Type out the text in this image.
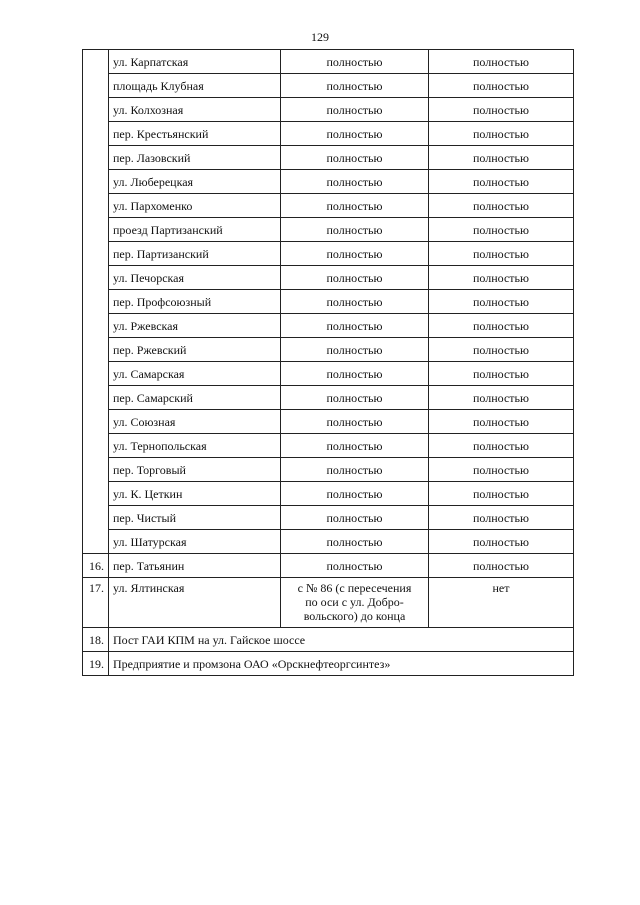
129
	ул. Карпатская	полностью	полностью
	площадь Клубная	полностью	полностью
	ул. Колхозная	полностью	полностью
	пер. Крестьянский	полностью	полностью
	пер. Лазовский	полностью	полностью
	ул. Люберецкая	полностью	полностью
	ул. Пархоменко	полностью	полностью
	проезд Партизанский	полностью	полностью
	пер. Партизанский	полностью	полностью
	ул. Печорская	полностью	полностью
	пер. Профсоюзный	полностью	полностью
	ул. Ржевская	полностью	полностью
	пер. Ржевский	полностью	полностью
	ул. Самарская	полностью	полностью
	пер. Самарский	полностью	полностью
	ул. Союзная	полностью	полностью
	ул. Тернопольская	полностью	полностью
	пер. Торговый	полностью	полностью
	ул. К. Цеткин	полностью	полностью
	пер. Чистый	полностью	полностью
	ул. Шатурская	полностью	полностью
16.	пер. Татьянин	полностью	полностью
17.	ул. Ялтинская	с № 86 (с пересечения
по оси с ул. Добро-
вольского) до конца	нет
18.	Пост ГАИ КПМ на ул. Гайское шоссе		
19.	Предприятие и промзона ОАО «Орскнефтеоргсинтез»		
